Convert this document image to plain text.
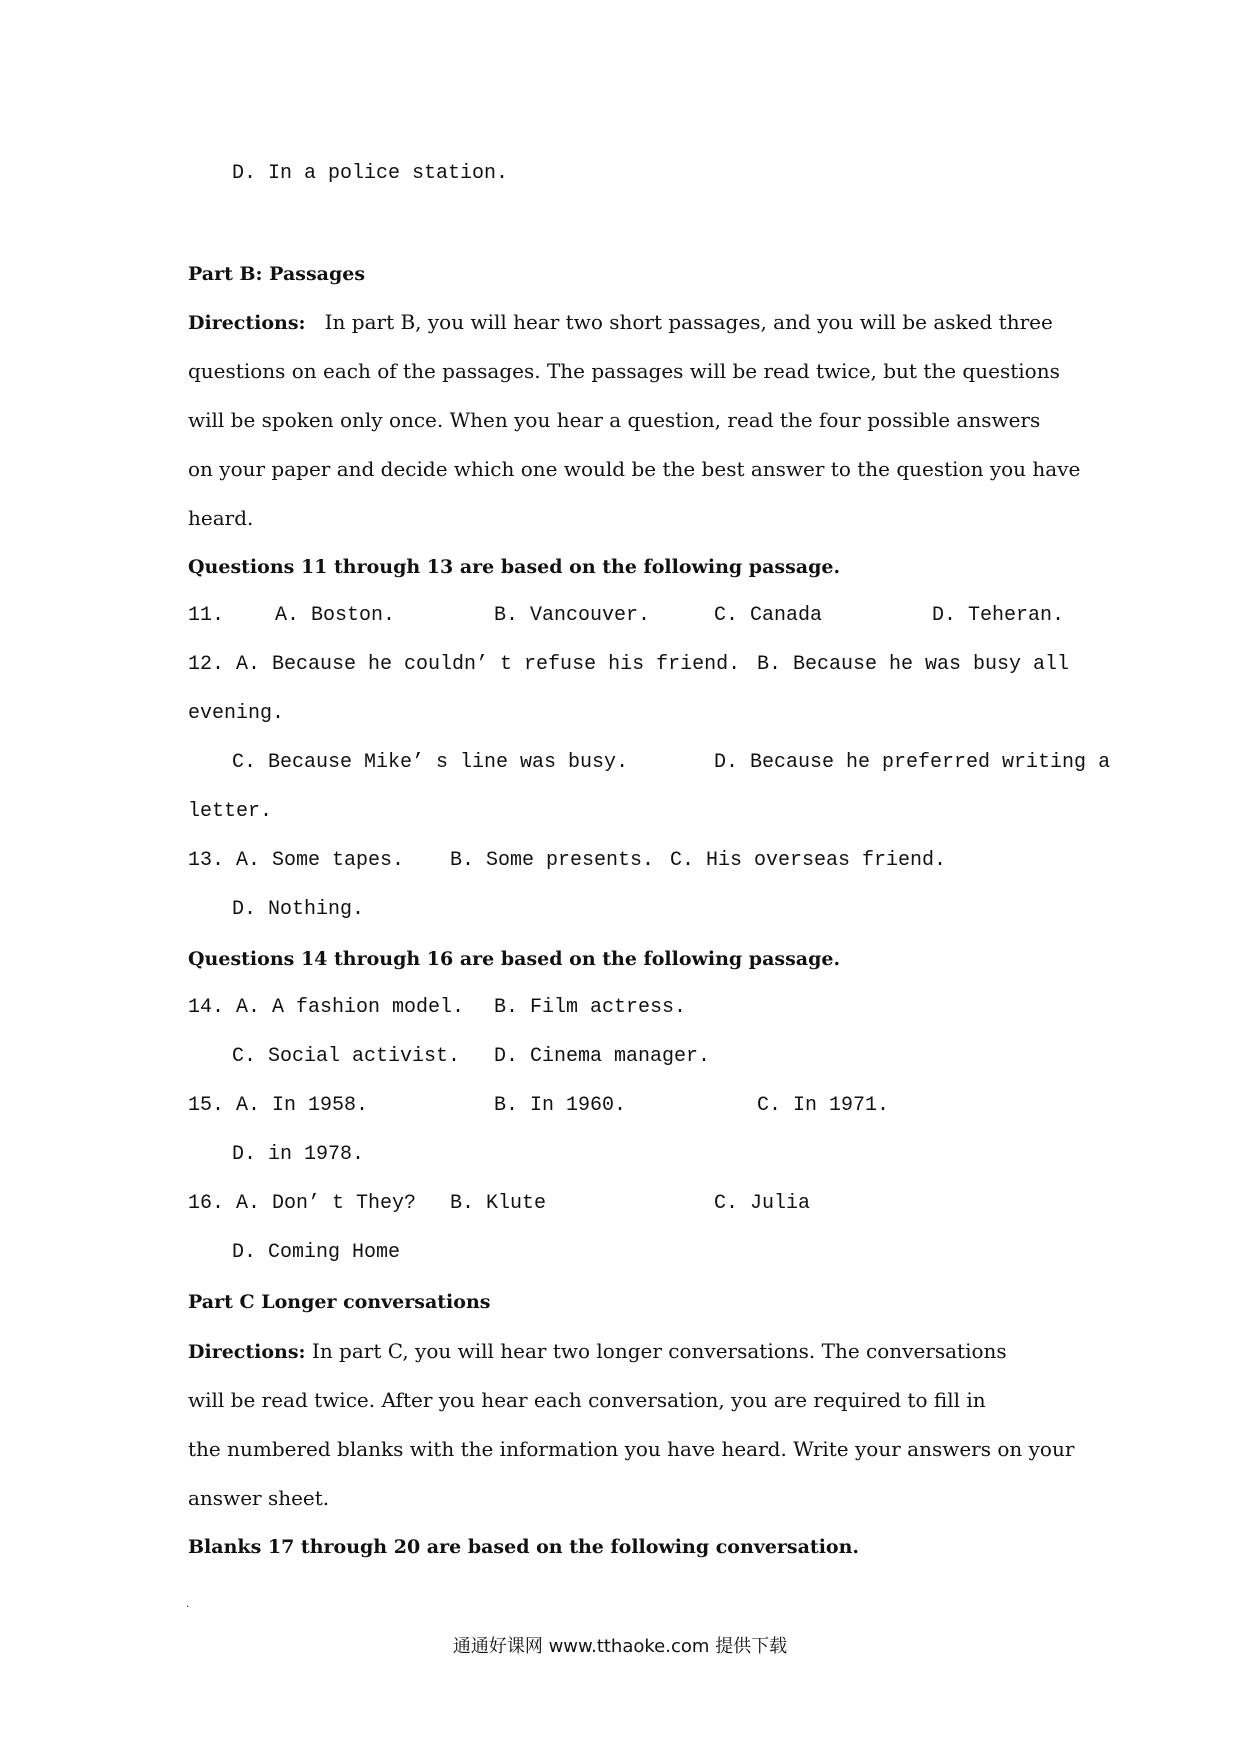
D. In a police station.
Part B: Passages
Directions: In part B, you will hear two short passages, and you will be asked three
questions on each of the passages. The passages will be read twice, but the questions
will be spoken only once. When you hear a question, read the four possible answers
on your paper and decide which one would be the best answer to the question you have
heard.
Questions 11 through 13 are based on the following passage.
11.	A. Boston.	B. Vancouver.	C. Canada	D. Teheran.
12. A. Because he couldn’ t refuse his friend. B. Because he was busy all
evening.
C. Because Mike’ s line was busy.	D. Because he preferred writing a
letter.
13. A. Some tapes. B. Some presents. C. His overseas friend.
D. Nothing.
Questions 14 through 16 are based on the following passage.
14. A. A fashion model. B. Film actress.
C. Social activist. D. Cinema manager.
15. A. In 1958.	B. In 1960.	C. In 1971.
D. in 1978.
16. A. Don’ t They? B. Klute	C. Julia
D. Coming Home
Part C Longer conversations
Directions: In part C, you will hear two longer conversations. The conversations
will be read twice. After you hear each conversation, you are required to fill in
the numbered blanks with the information you have heard. Write your answers on your
answer sheet.
Blanks 17 through 20 are based on the following conversation.
·
通通好课网 www.tthaoke.com 提供下载
